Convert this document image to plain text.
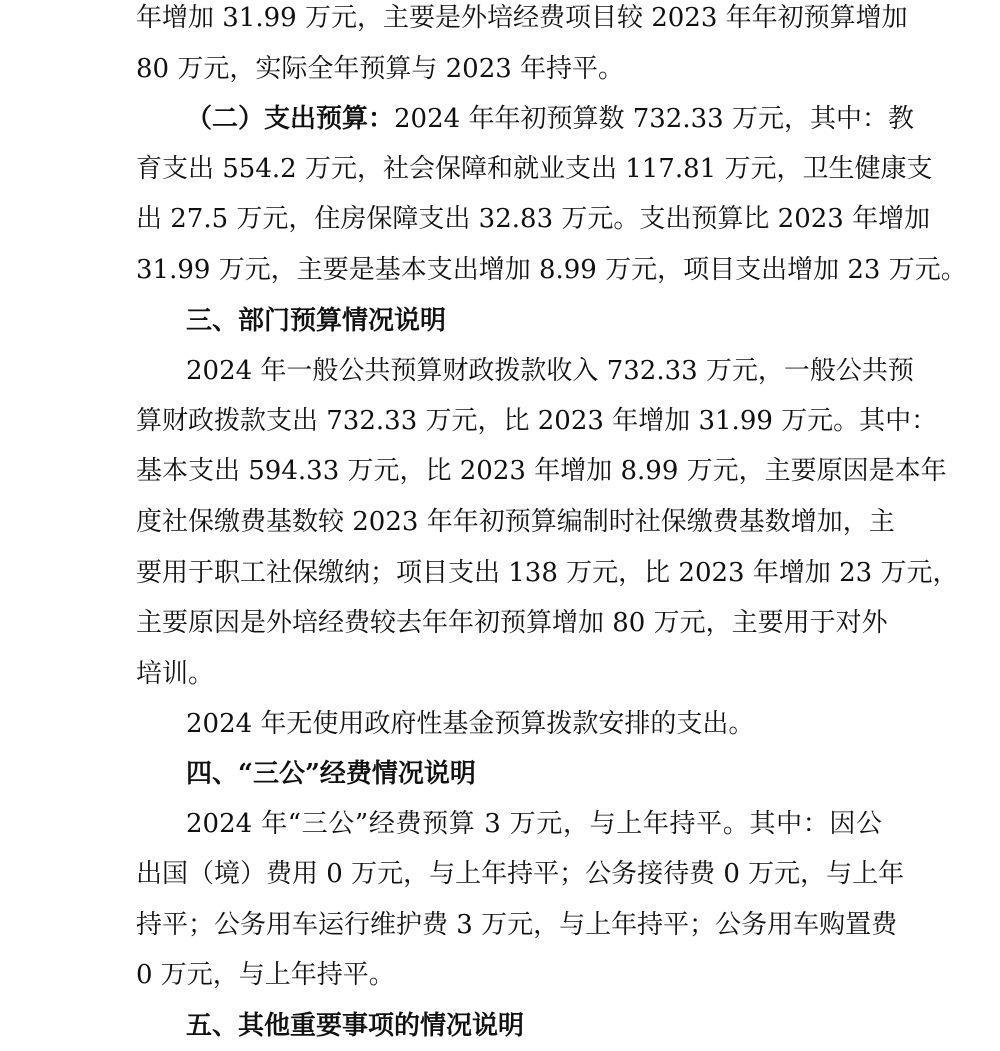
年增加 31.99 万元，主要是外培经费项目较 2023 年年初预算增加
80 万元，实际全年预算与 2023 年持平。
（二）支出预算：2024 年年初预算数 732.33 万元，其中：教
育支出 554.2 万元，社会保障和就业支出 117.81 万元，卫生健康支
出 27.5 万元，住房保障支出 32.83 万元。支出预算比 2023 年增加
31.99 万元，主要是基本支出增加 8.99 万元，项目支出增加 23 万元。
三、部门预算情况说明
2024 年一般公共预算财政拨款收入 732.33 万元，一般公共预
算财政拨款支出 732.33 万元，比 2023 年增加 31.99 万元。其中：
基本支出 594.33 万元，比 2023 年增加 8.99 万元，主要原因是本年
度社保缴费基数较 2023 年年初预算编制时社保缴费基数增加，主
要用于职工社保缴纳；项目支出 138 万元，比 2023 年增加 23 万元，
主要原因是外培经费较去年年初预算增加 80 万元，主要用于对外
培训。
2024 年无使用政府性基金预算拨款安排的支出。
四、“三公”经费情况说明
2024 年“三公”经费预算 3 万元，与上年持平。其中：因公
出国（境）费用 0 万元，与上年持平；公务接待费 0 万元，与上年
持平；公务用车运行维护费 3 万元，与上年持平；公务用车购置费
0 万元，与上年持平。
五、其他重要事项的情况说明
